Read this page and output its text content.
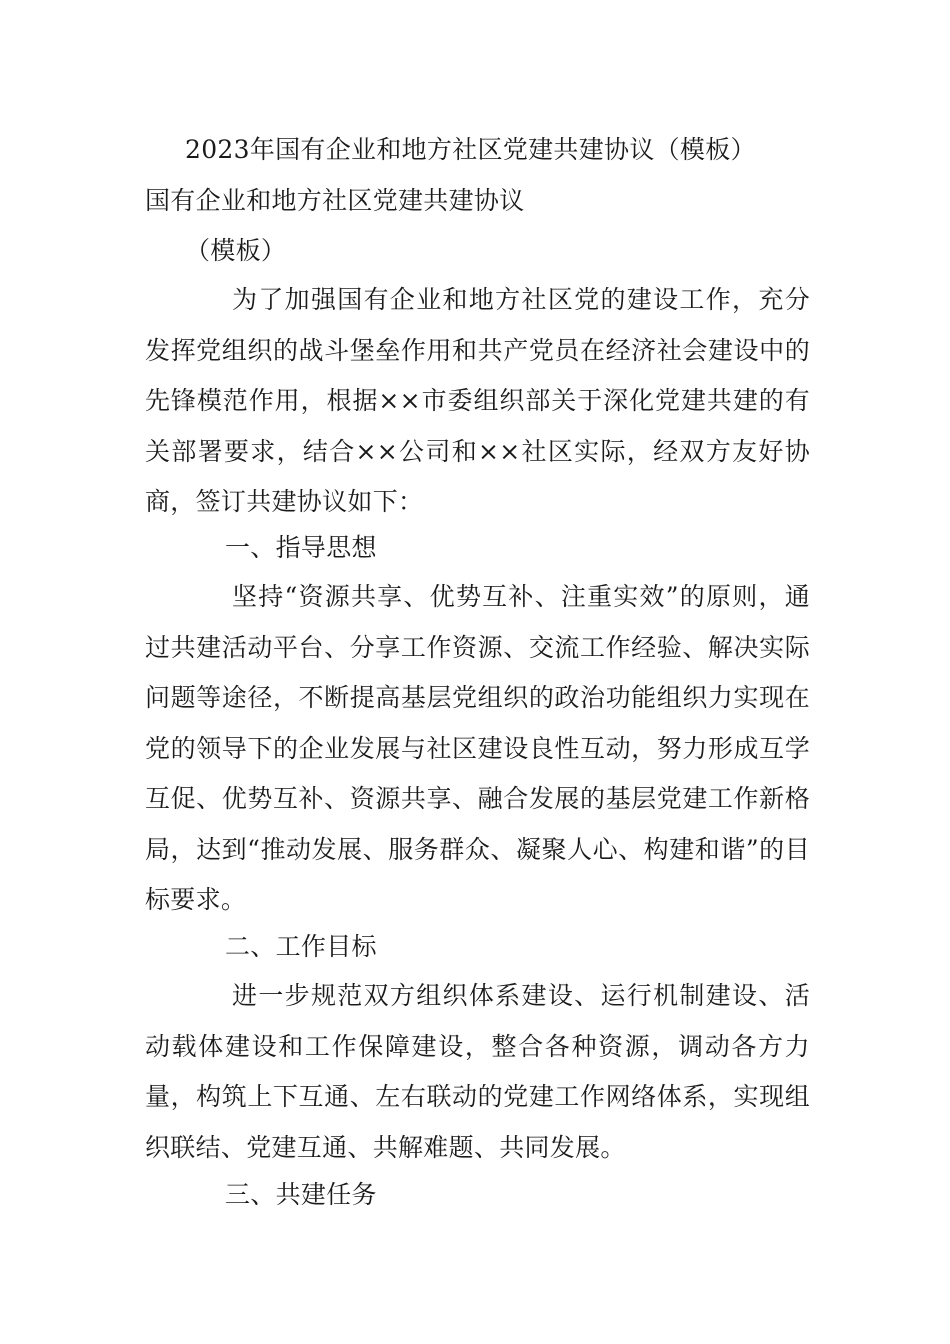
2023年国有企业和地方社区党建共建协议（模板）
国有企业和地方社区党建共建协议
（模板）
为了加强国有企业和地方社区党的建设工作，充分发挥党组织的战斗堡垒作用和共产党员在经济社会建设中的先锋模范作用，根据××市委组织部关于深化党建共建的有关部署要求，结合××公司和××社区实际，经双方友好协商，签订共建协议如下：
一、指导思想
坚持“资源共享、优势互补、注重实效”的原则，通过共建活动平台、分享工作资源、交流工作经验、解决实际问题等途径，不断提高基层党组织的政治功能组织力实现在党的领导下的企业发展与社区建设良性互动，努力形成互学互促、优势互补、资源共享、融合发展的基层党建工作新格局，达到“推动发展、服务群众、凝聚人心、构建和谐”的目标要求。
二、工作目标
进一步规范双方组织体系建设、运行机制建设、活动载体建设和工作保障建设，整合各种资源，调动各方力量，构筑上下互通、左右联动的党建工作网络体系，实现组织联结、党建互通、共解难题、共同发展。
三、共建任务
